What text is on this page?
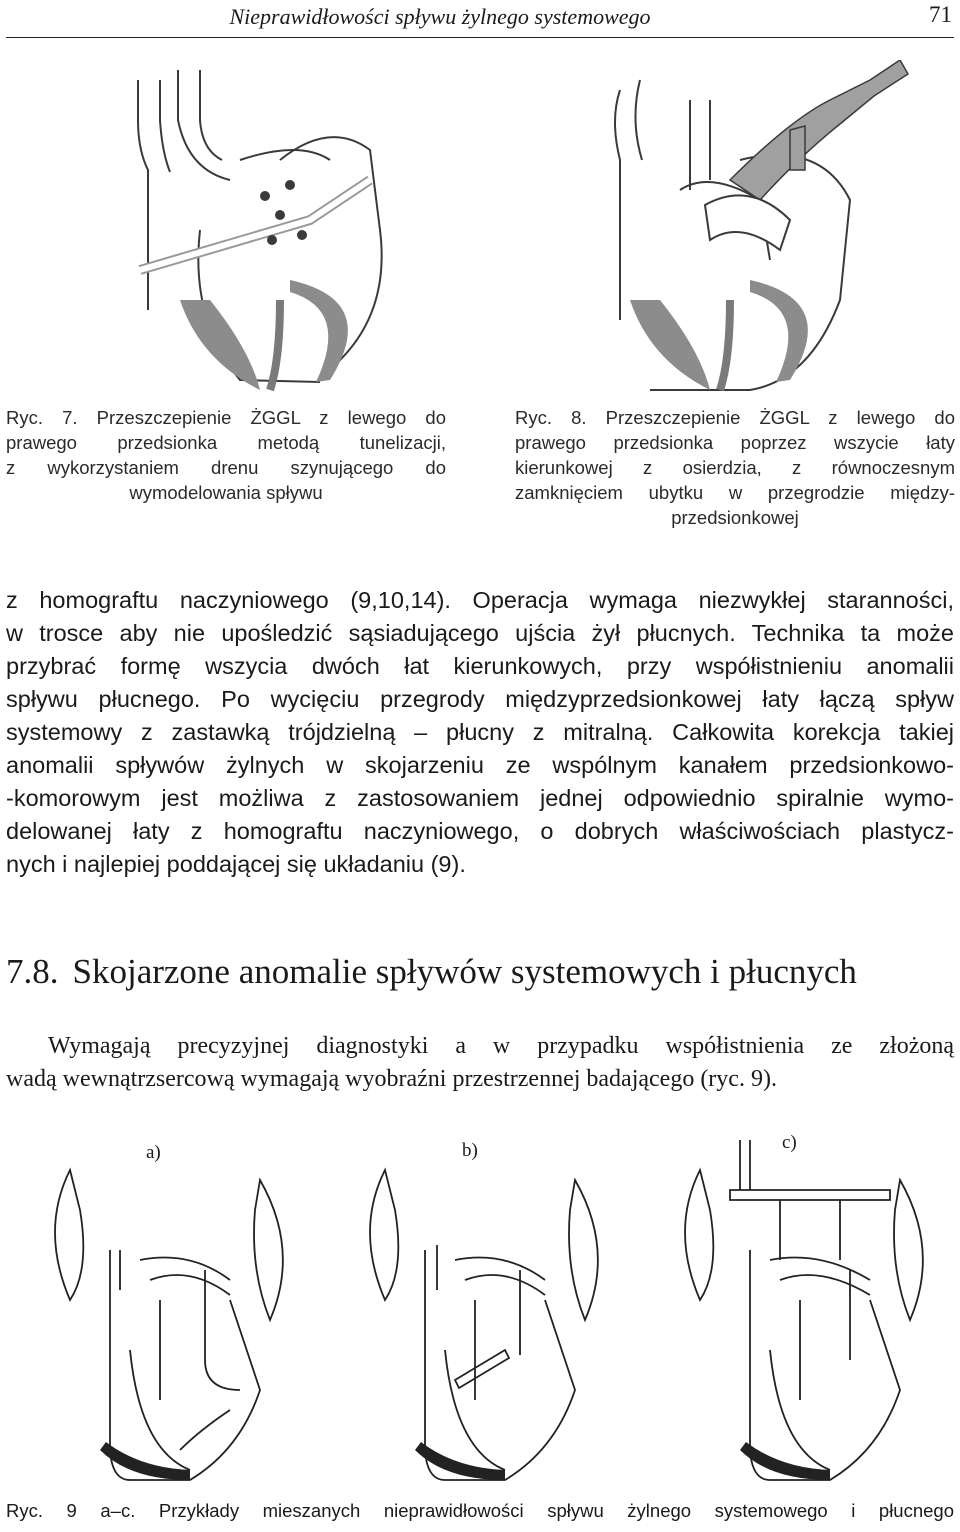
Nieprawidłowości spływu żylnego systemowego	71

Ryc. 7. Przeszczepienie ŻGGL z lewego do

prawego przedsionka metodą tunelizacji,

z wykorzystaniem drenu szynującego do

wymodelowania spływu

Ryc. 8. Przeszczepienie ŻGGL z lewego do

prawego przedsionka poprzez wszycie łaty

kierunkowej z osierdzia, z równoczesnym

zamknięciem ubytku w przegrodzie między-

przedsionkowej

z homograftu naczyniowego (9,10,14). Operacja wymaga niezwykłej staranności,
w trosce aby nie upośledzić sąsiadującego ujścia żył płucnych. Technika ta może
przybrać formę wszycia dwóch łat kierunkowych, przy współistnieniu anomalii
spływu płucnego. Po wycięciu przegrody międzyprzedsionkowej łaty łączą spływ
systemowy z zastawką trójdzielną – płucny z mitralną. Całkowita korekcja takiej
anomalii spływów żylnych w skojarzeniu ze wspólnym kanałem przedsionkowo-
-komorowym jest możliwa z zastosowaniem jednej odpowiednio spiralnie wymo-
delowanej łaty z homograftu naczyniowego, o dobrych właściwościach plastycz-
nych i najlepiej poddającej się układaniu (9).
7.8. Skojarzone anomalie spływów systemowych i płucnych
Wymagają precyzyjnej diagnostyki a w przypadku współistnienia ze złożoną
wadą wewnątrzsercową wymagają wyobraźni przestrzennej badającego (ryc. 9).
a)	b)	c)
Ryc. 9 a–c. Przykłady mieszanych nieprawidłowości spływu żylnego systemowego i płucnego
